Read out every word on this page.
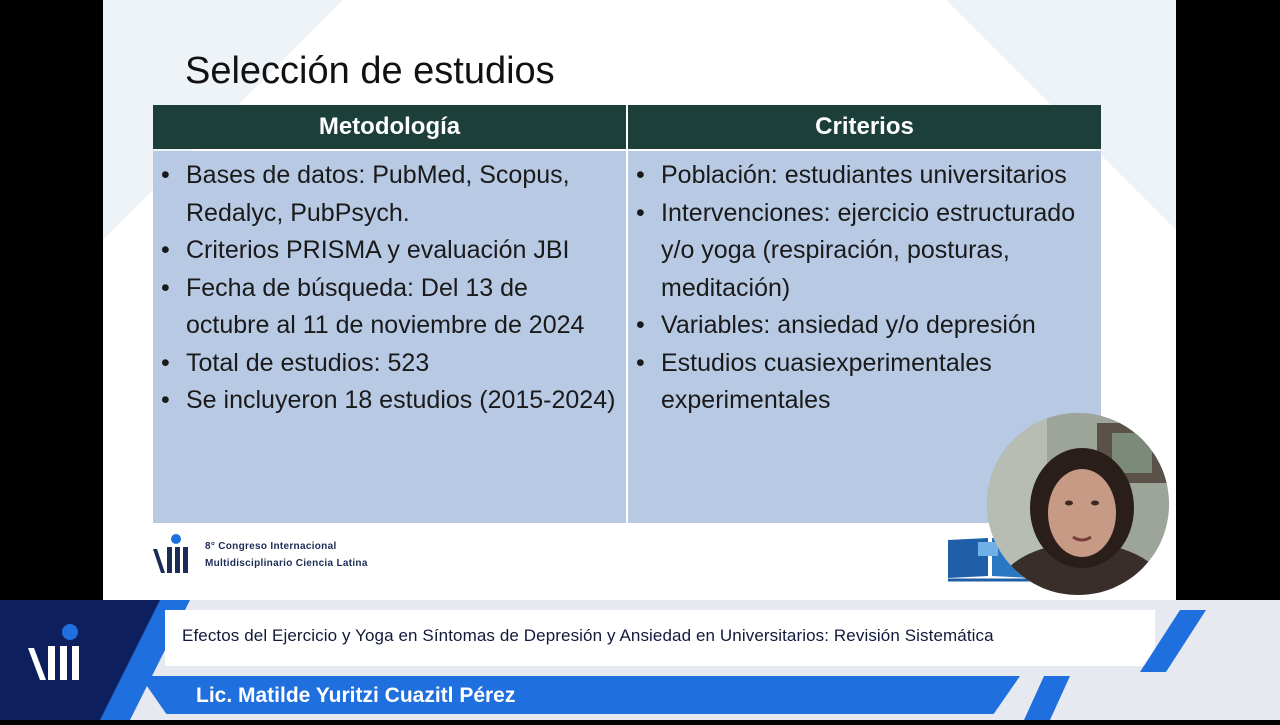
Selección de estudios
Metodología	Criterios
• Bases de datos: PubMed, Scopus, Redalyc, PubPsych.
• Criterios PRISMA y evaluación JBI
• Fecha de búsqueda: Del 13 de octubre al 11 de noviembre de 2024
• Total de estudios: 523
• Se incluyeron 18 estudios (2015-2024)
• Población: estudiantes universitarios
• Intervenciones: ejercicio estructurado y/o yoga (respiración, posturas, meditación)
• Variables: ansiedad y/o depresión
• Estudios cuasiexperimentales experimentales
8° Congreso Internacional
Multidisciplinario Ciencia Latina
Efectos del Ejercicio y Yoga en Síntomas de Depresión y Ansiedad en Universitarios: Revisión Sistemática
Lic. Matilde Yuritzi Cuazitl Pérez
